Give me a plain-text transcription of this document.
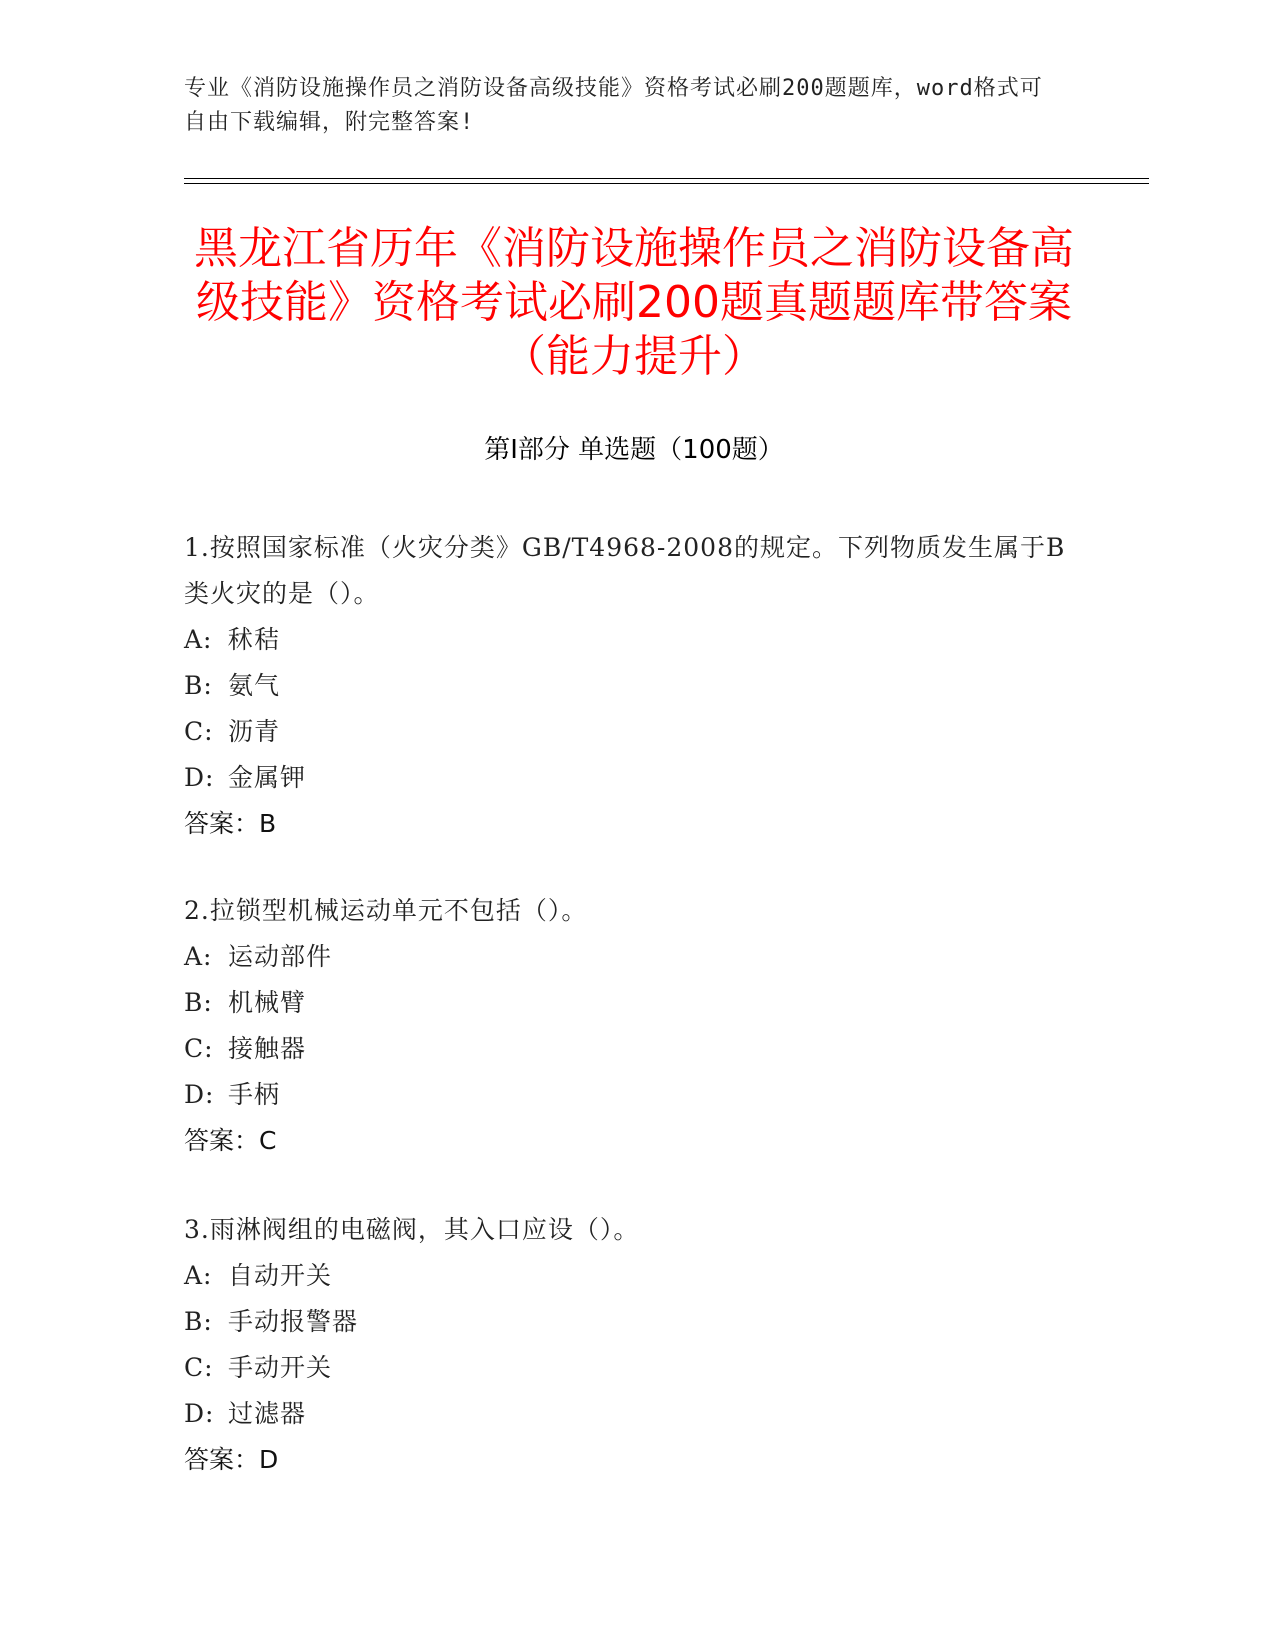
专业《消防设施操作员之消防设备高级技能》资格考试必刷200题题库，word格式可自由下载编辑，附完整答案!
黑龙江省历年《消防设施操作员之消防设备高级技能》资格考试必刷200题真题题库带答案（能力提升）
第I部分 单选题（100题）
1.按照国家标准（火灾分类》GB/T4968-2008的规定。下列物质发生属于B类火灾的是（）。
A: 秫秸
B: 氨气
C: 沥青
D: 金属钾
答案：B
2.拉锁型机械运动单元不包括（）。
A: 运动部件
B: 机械臂
C: 接触器
D: 手柄
答案：C
3.雨淋阀组的电磁阀，其入口应设（）。
A: 自动开关
B: 手动报警器
C: 手动开关
D: 过滤器
答案：D
